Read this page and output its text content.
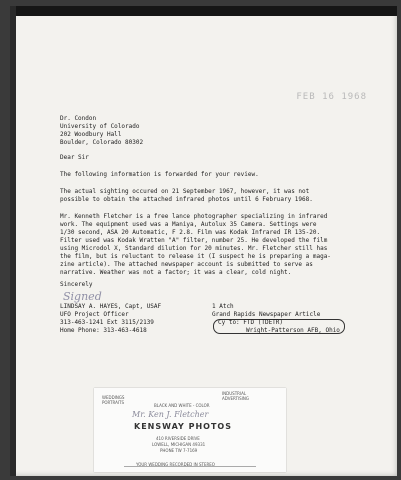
FEB 16 1968
Dr. Condon
University of Colorado
202 Woodbury Hall
Boulder, Colorado 80302
Dear Sir
The following information is forwarded for your review.
The actual sighting occured on 21 September 1967, however, it was not
possible to obtain the attached infrared photos until 6 February 1968.
Mr. Kenneth Fletcher is a free lance photographer specializing in infrared
work. The equipment used was a Maniya, Autolux 35 Camera. Settings were
1/30 second, ASA 20 Automatic, F 2.8. Film was Kodak Infrared IR 135-20.
Filter used was Kodak Wratten "A" filter, number 25. He developed the film
using Microdol X, Standard dilution for 20 minutes. Mr. Fletcher still has
the film, but is reluctant to release it (I suspect he is preparing a maga-
zine article). The attached newspaper account is submitted to serve as
narrative. Weather was not a factor; it was a clear, cold night.
Sincerely
Signed
LINDSAY A. HAYES, Capt, USAF
UFO Project Officer
313-463-1241 Ext 3115/2139
Home Phone: 313-463-4618
1 Atch
Grand Rapids Newspaper Article
Cy to: FTD (TDETR)
Wright-Patterson AFB, Ohio
WEDDINGS
PORTRAITS
INDUSTRIAL
ADVERTISING
BLACK AND WHITE - COLOR
Mr. Ken J. Fletcher
KENSWAY PHOTOS
410 RIVERSIDE DRIVE
LOWELL, MICHIGAN 49331
PHONE TW 7-7169
YOUR WEDDING RECORDED IN STEREO
